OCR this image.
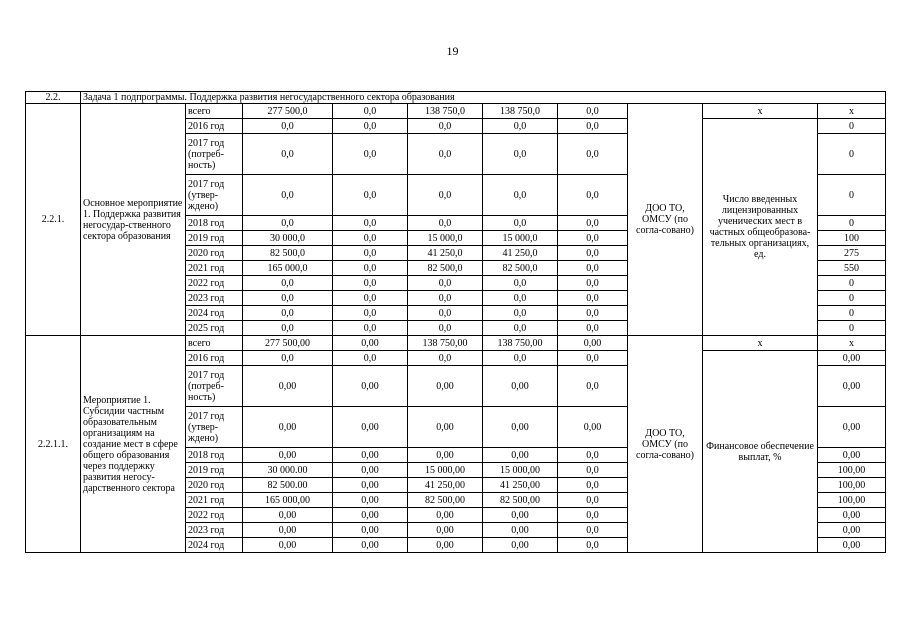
19
2.2.	Задача 1 подпрограммы. Поддержка развития негосударственного сектора образования									
2.2.1.	Основное мероприятие 1. Поддержка развития негосудар-ственного сектора образования	всего	277 500,0	0,0	138 750,0	138 750,0	0,0	ДОО ТО, ОМСУ (по согла-совано)	x	x
		2016 год	0,0	0,0	0,0	0,0	0,0		Число введенных лицензированных ученических мест в частных общеобразова-тельных организациях, ед.	0
		2017 год (потреб-ность)	0,0	0,0	0,0	0,0	0,0			0
		2017 год (утвер-ждено)	0,0	0,0	0,0	0,0	0,0			0
		2018 год	0,0	0,0	0,0	0,0	0,0			0
		2019 год	30 000,0	0,0	15 000,0	15 000,0	0,0			100
		2020 год	82 500,0	0,0	41 250,0	41 250,0	0,0			275
		2021 год	165 000,0	0,0	82 500,0	82 500,0	0,0			550
		2022 год	0,0	0,0	0,0	0,0	0,0			0
		2023 год	0,0	0,0	0,0	0,0	0,0			0
		2024 год	0,0	0,0	0,0	0,0	0,0			0
		2025 год	0,0	0,0	0,0	0,0	0,0			0
2.2.1.1.	Мероприятие 1. Субсидии частным образовательным организациям на создание мест в сфере общего образования через поддержку развития негосу-дарственного сектора	всего	277 500,00	0,00	138 750,00	138 750,00	0,00	ДОО ТО, ОМСУ (по согла-совано)	x	x
		2016 год	0,0	0,0	0,0	0,0	0,0		Финансовое обеспечение выплат, %	0,00
		2017 год (потреб-ность)	0,00	0,00	0,00	0,00	0,0			0,00
		2017 год (утвер-ждено)	0,00	0,00	0,00	0,00	0,00			0,00
		2018 год	0,00	0,00	0,00	0,00	0,0			0,00
		2019 год	30 000.00	0,00	15 000,00	15 000,00	0,0			100,00
		2020 год	82 500.00	0,00	41 250,00	41 250,00	0,0			100,00
		2021 год	165 000,00	0,00	82 500,00	82 500,00	0,0			100,00
		2022 год	0,00	0,00	0,00	0,00	0,0			0,00
		2023 год	0,00	0,00	0,00	0,00	0,0			0,00
		2024 год	0,00	0,00	0,00	0,00	0,0			0,00
